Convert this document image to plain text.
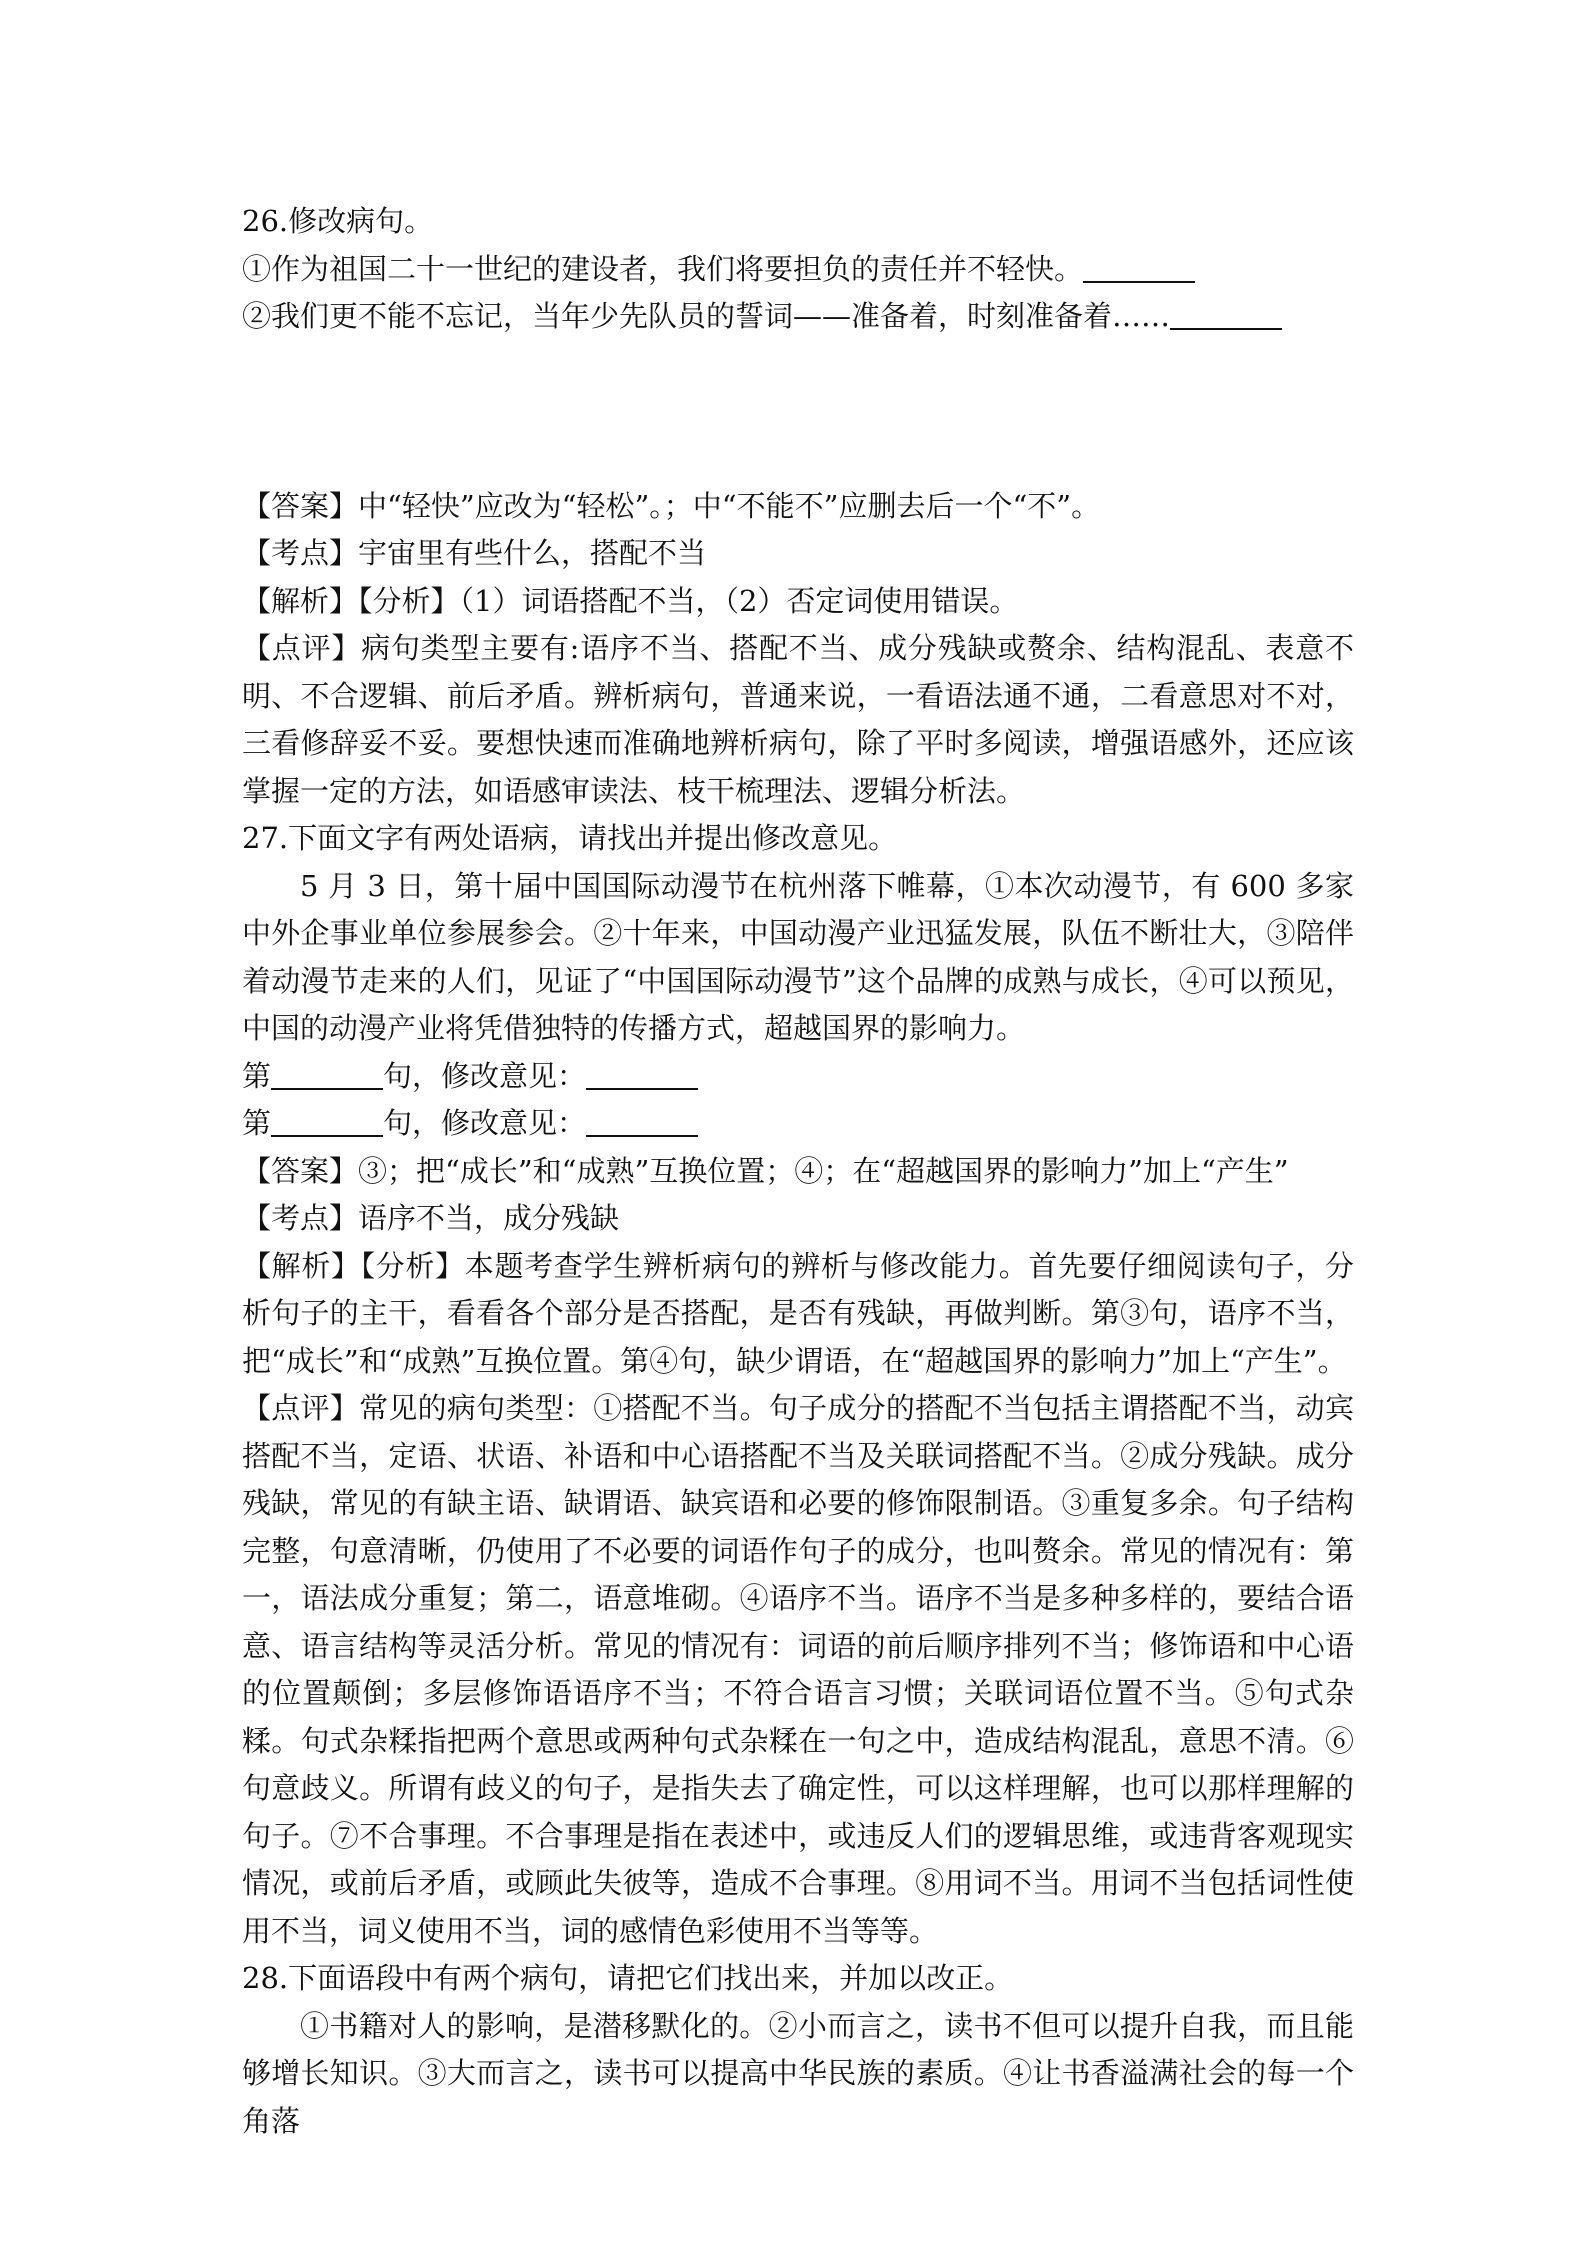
26.修改病句。
①作为祖国二十一世纪的建设者，我们将要担负的责任并不轻快。
②我们更不能不忘记，当年少先队员的誓词——准备着，时刻准备着……
【答案】中“轻快”应改为“轻松”。；中“不能不”应删去后一个“不”。
【考点】宇宙里有些什么，搭配不当
【解析】【分析】（1）词语搭配不当，（2）否定词使用错误。
【点评】病句类型主要有:语序不当、搭配不当、成分残缺或赘余、结构混乱、表意不明、不合逻辑、前后矛盾。辨析病句，普通来说，一看语法通不通，二看意思对不对，三看修辞妥不妥。要想快速而准确地辨析病句，除了平时多阅读，增强语感外，还应该掌握一定的方法，如语感审读法、枝干梳理法、逻辑分析法。
27.下面文字有两处语病，请找出并提出修改意见。
5 月 3 日，第十届中国国际动漫节在杭州落下帷幕，①本次动漫节，有 600 多家中外企事业单位参展参会。②十年来，中国动漫产业迅猛发展，队伍不断壮大，③陪伴着动漫节走来的人们，见证了“中国国际动漫节”这个品牌的成熟与成长，④可以预见，中国的动漫产业将凭借独特的传播方式，超越国界的影响力。
第	句，修改意见：
第	句，修改意见：
【答案】③；把“成长”和“成熟”互换位置；④；在“超越国界的影响力”加上“产生”
【考点】语序不当，成分残缺
【解析】【分析】本题考查学生辨析病句的辨析与修改能力。首先要仔细阅读句子，分析句子的主干，看看各个部分是否搭配，是否有残缺，再做判断。第③句，语序不当，把“成长”和“成熟”互换位置。第④句，缺少谓语，在“超越国界的影响力”加上“产生”。
【点评】常见的病句类型：①搭配不当。句子成分的搭配不当包括主谓搭配不当，动宾搭配不当，定语、状语、补语和中心语搭配不当及关联词搭配不当。②成分残缺。成分残缺，常见的有缺主语、缺谓语、缺宾语和必要的修饰限制语。③重复多余。句子结构完整，句意清晰，仍使用了不必要的词语作句子的成分，也叫赘余。常见的情况有：第一，语法成分重复；第二，语意堆砌。④语序不当。语序不当是多种多样的，要结合语意、语言结构等灵活分析。常见的情况有：词语的前后顺序排列不当；修饰语和中心语的位置颠倒；多层修饰语语序不当；不符合语言习惯；关联词语位置不当。⑤句式杂糅。句式杂糅指把两个意思或两种句式杂糅在一句之中，造成结构混乱，意思不清。⑥句意歧义。所谓有歧义的句子，是指失去了确定性，可以这样理解，也可以那样理解的句子。⑦不合事理。不合事理是指在表述中，或违反人们的逻辑思维，或违背客观现实情况，或前后矛盾，或顾此失彼等，造成不合事理。⑧用词不当。用词不当包括词性使用不当，词义使用不当，词的感情色彩使用不当等等。
28.下面语段中有两个病句，请把它们找出来，并加以改正。
①书籍对人的影响，是潜移默化的。②小而言之，读书不但可以提升自我，而且能够增长知识。③大而言之，读书可以提高中华民族的素质。④让书香溢满社会的每一个角落
